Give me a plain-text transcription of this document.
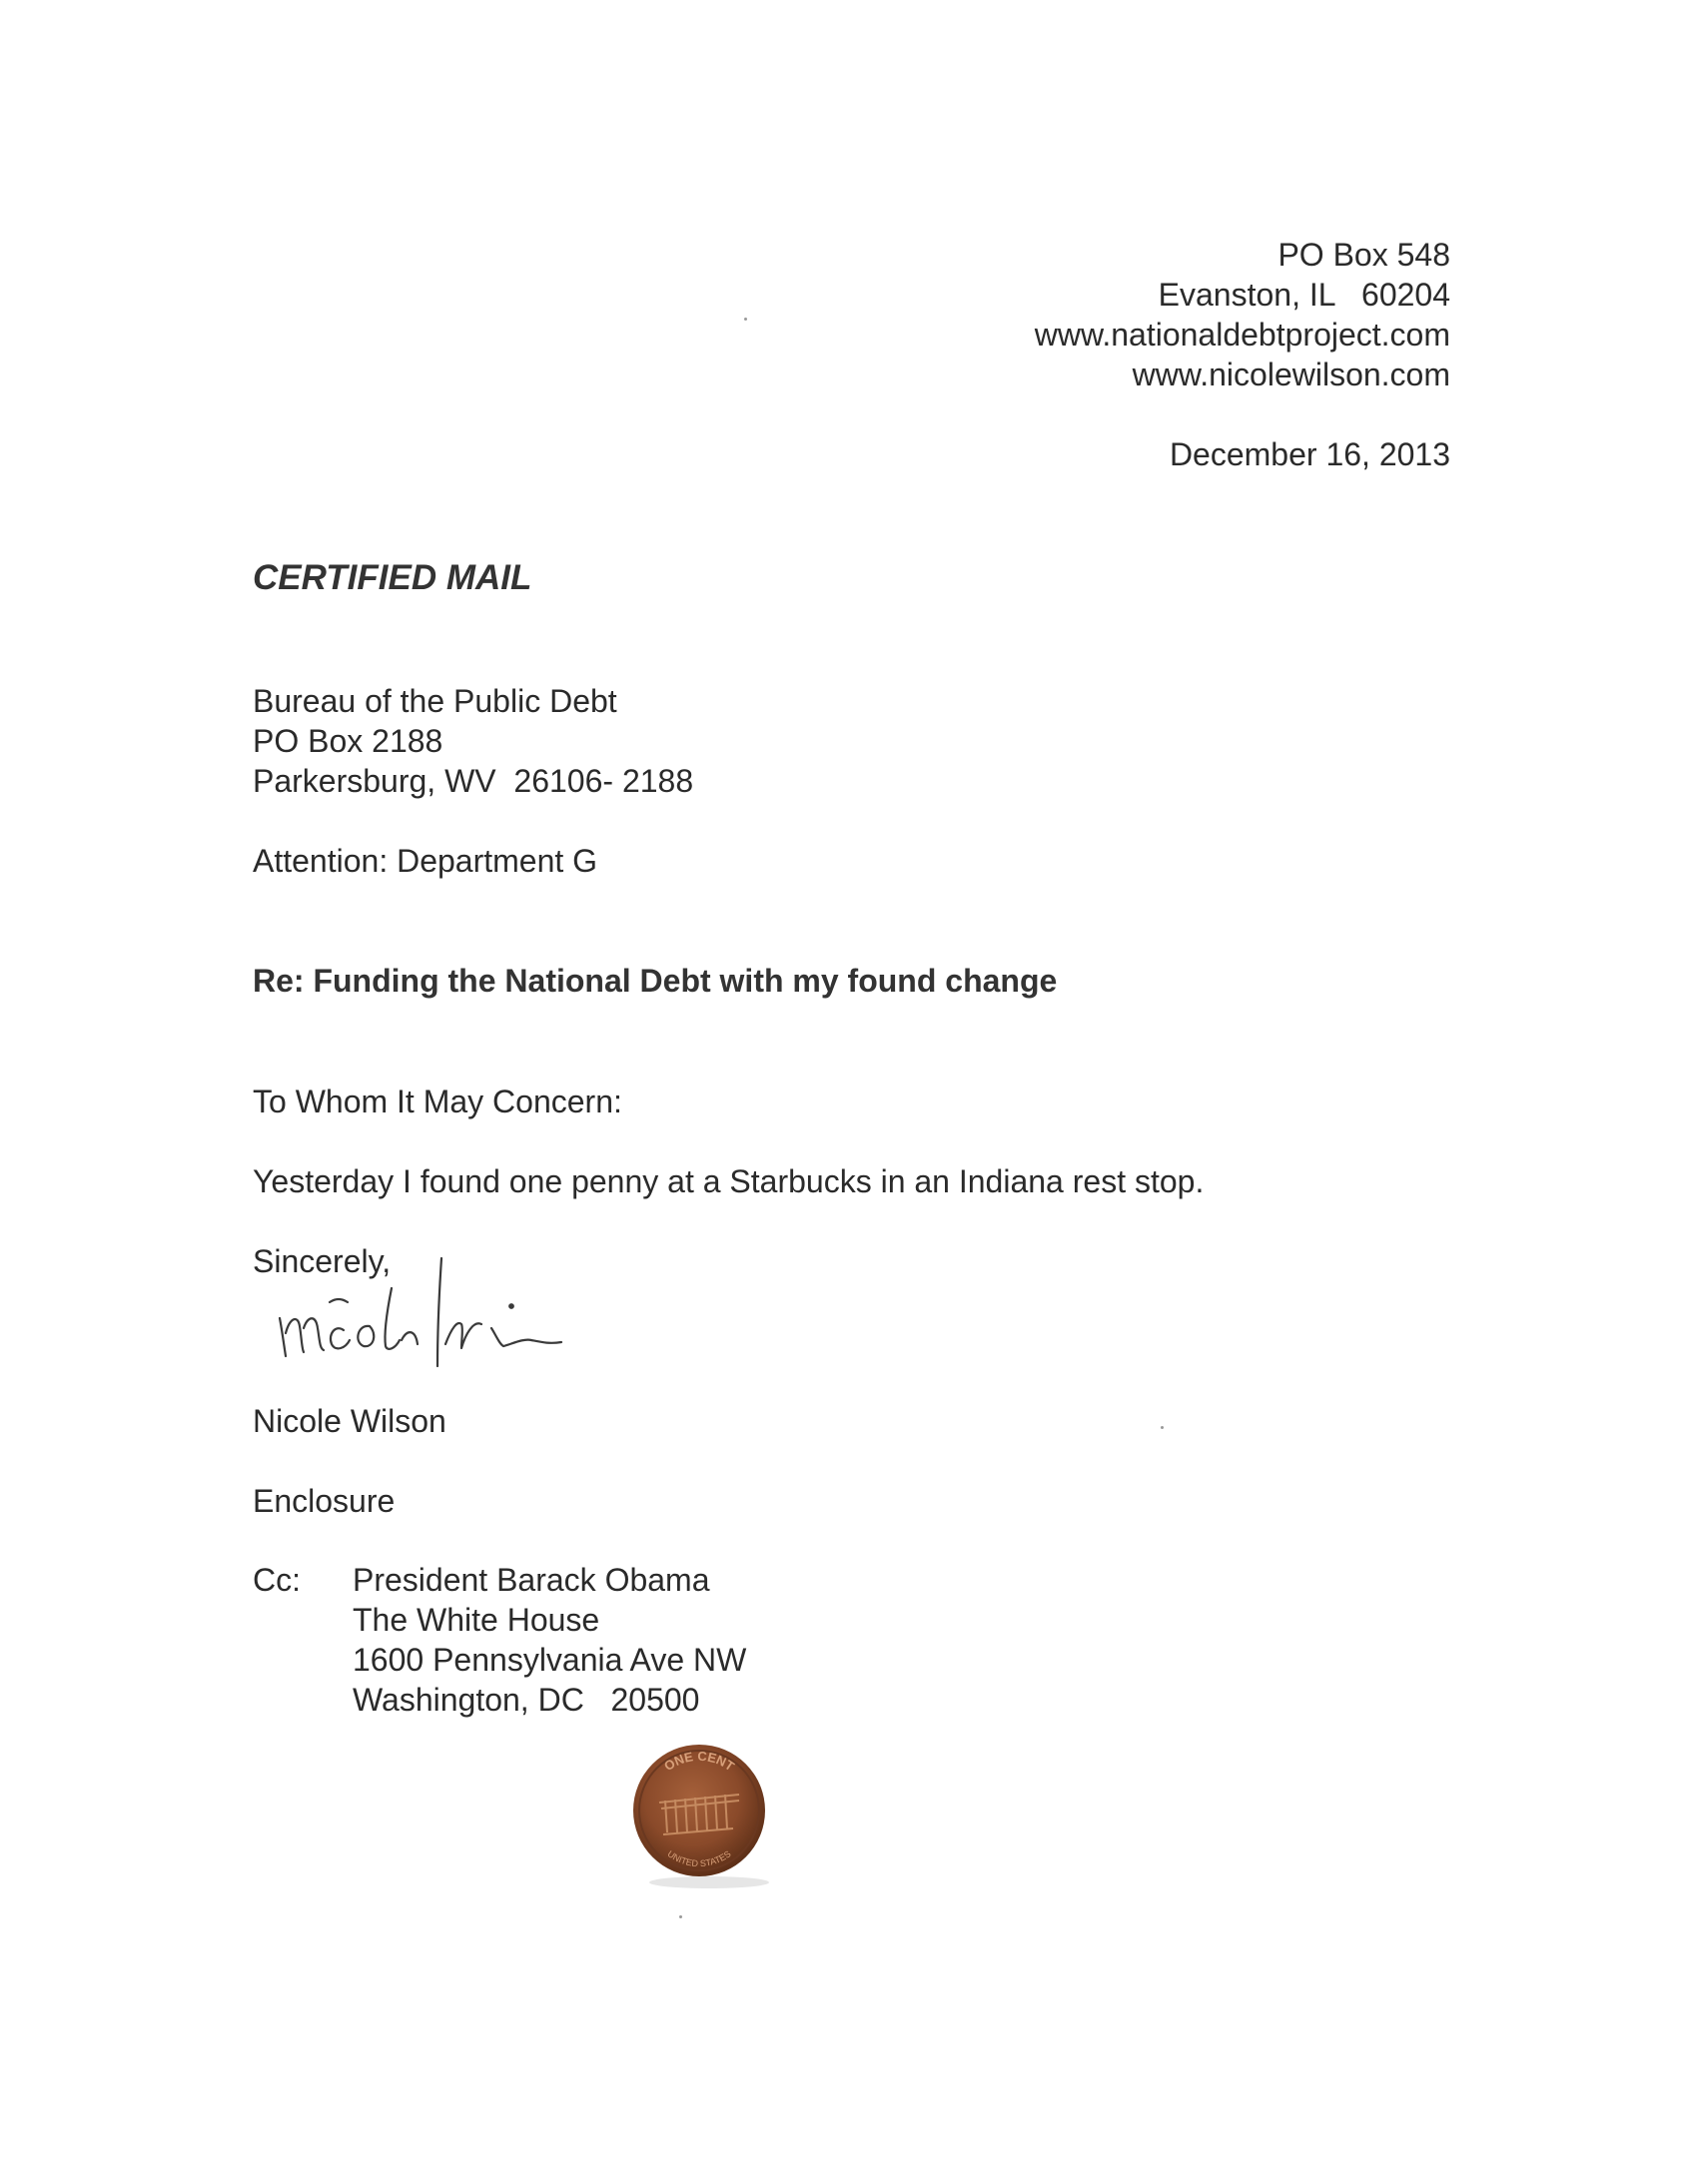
PO Box 548
Evanston, IL   60204
www.nationaldebtproject.com
www.nicolewilson.com
December 16, 2013
CERTIFIED MAIL
Bureau of the Public Debt
PO Box 2188
Parkersburg, WV  26106- 2188
Attention: Department G
Re: Funding the National Debt with my found change
To Whom It May Concern:
Yesterday I found one penny at a Starbucks in an Indiana rest stop.
Sincerely,
Nicole Wilson
Enclosure
Cc: President Barack Obama
The White House
1600 Pennsylvania Ave NW
Washington, DC   20500
ONE CENT
UNITED STATES
